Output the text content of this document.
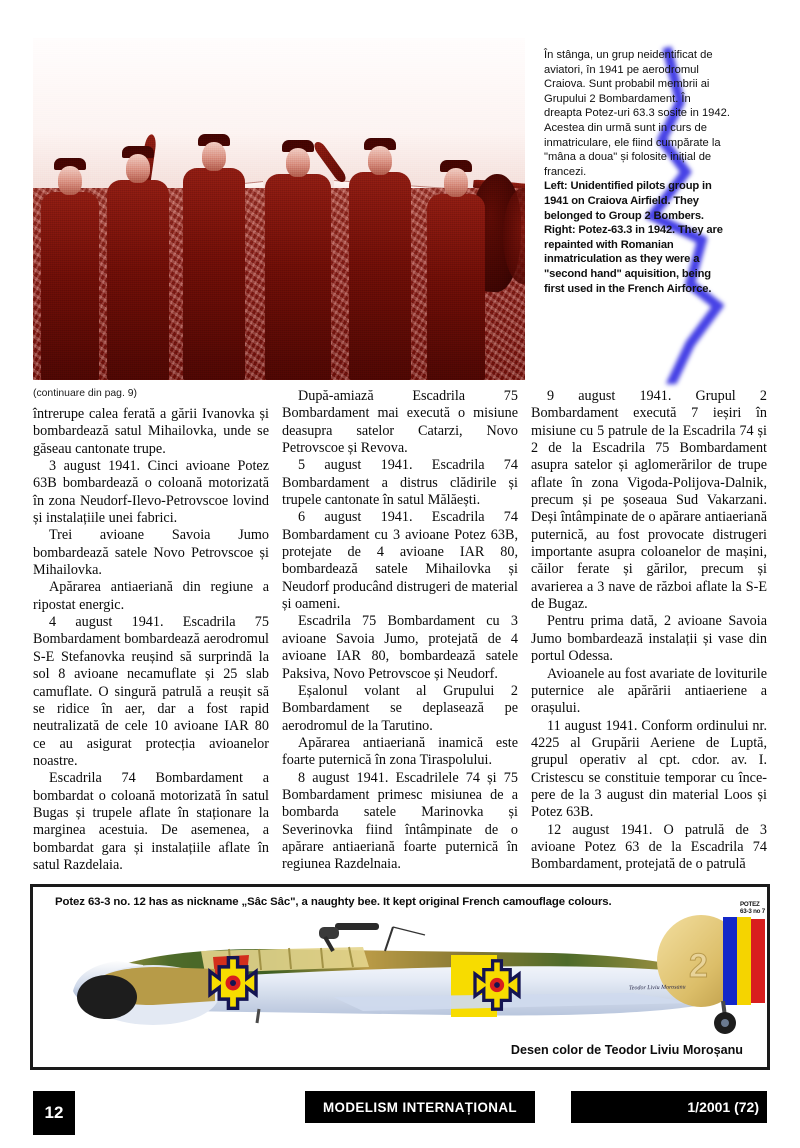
În stânga, un grup neidentificat de aviatori, în 1941 pe aerodromul Craiova. Sunt probabil membrii ai Grupului 2 Bombardament. În dreapta Potez-uri 63.3 sosite in 1942. Acestea din urmă sunt in curs de inmatriculare, ele fiind cumpărate la "mâna a doua" și folosite inițial de francezi.
Left: Unidentified pilots group in 1941 on Craiova Airfield. They belonged to Group 2 Bombers. Right: Potez-63.3 in 1942. They are repainted with Romanian inmatriculation as they were a "second hand" aquisition, being first used in the French Airforce.
(continuare din pag. 9)

întrerupe calea ferată a gării Ivanovka și bombardează satul Mihailovka, unde se găseau cantonate trupe.

3 august 1941. Cinci avioane Potez 63B bombardează o coloană motorizată în zona Neudorf-Ilevo-Petrovscoe lovind și instalațiile unei fabrici.

Trei avioane Savoia Jumo bombardează satele Novo Petrovscoe și Mihailovka.

Apărarea antiaeriană din regiune a ripostat energic.

4 august 1941. Escadrila 75 Bombardament bombardează aerodromul S-E Stefanovka reușind să surprindă la sol 8 avioane necamuflate și 25 slab camuflate. O singură patrulă a reușit să se ridice în aer, dar a fost rapid neutralizată de cele 10 avioane IAR 80 ce au asigurat protecția avioanelor noastre.

Escadrila 74 Bombardament a bombardat o coloană motorizată în satul Bugas și trupele aflate în staționare la marginea acestuia. De asemenea, a bombardat gara și instalațiile aflate în satul Razdelaia.

După-amiază Escadrila 75 Bombardament mai execută o misiune deasupra satelor Catarzi, Novo Petrovscoe și Revova.

5 august 1941. Escadrila 74 Bombardament a distrus clădirile și trupele cantonate în satul Mălăești.

6 august 1941. Escadrila 74 Bombardament cu 3 avioane Potez 63B, protejate de 4 avioane IAR 80, bombardează satele Mihailovka și Neudorf producând distrugeri de material și oameni.

Escadrila 75 Bombardament cu 3 avioane Savoia Jumo, protejată de 4 avioane IAR 80, bombardează satele Paksiva, Novo Petrovscoe și Neudorf.

Eșalonul volant al Grupului 2 Bombardament se deplasează pe aerodromul de la Tarutino.

Apărarea antiaeriană inamică este foarte puternică în zona Tiraspolului.

8 august 1941. Escadrilele 74 și 75 Bombardament primesc misiunea de a bombarda satele Marinovka și Severinovka fiind întâmpinate de o apărare antiaeriană foarte puternică în regiunea Razdelnaia.

9 august 1941. Grupul 2 Bombardament execută 7 ieșiri în misiune cu 5 patrule de la Escadrila 74 și 2 de la Escadrila 75 Bombardament asupra satelor și aglomerărilor de trupe aflate în zona Vigoda-Polijova-Dalnik, precum și pe șoseaua Sud Vakarzani. Deși întâmpinate de o apărare antiaeriană puternică, au fost provocate distrugeri importante asupra coloanelor de mașini, căilor ferate și gărilor, precum și avarierea a 3 nave de război aflate la S-E de Bugaz.

Pentru prima dată, 2 avioane Savoia Jumo bombardează instalații și vase din portul Odessa.

Avioanele au fost avariate de loviturile puternice ale apărării antiaeriene a orașului.

11 august 1941. Conform ordinului nr. 4225 al Grupării Aeriene de Luptă, grupul operativ al cpt. cdor. av. I. Cristescu se constituie temporar cu înce-pere de la 3 august din material Loos și Potez 63B.

12 august 1941. O patrulă de 3 avioane Potez 63 de la Escadrila 74 Bombardament, protejată de o patrulă

2
POTEZ 63-3 no 7
Teodor Liviu Morosanu
Potez 63-3 no. 12 has as nickname „Sâc Sâc", a naughty bee. It kept original French camouflage colours.
Desen color de Teodor Liviu Moroșanu
MODELISM INTERNAȚIONAL	1/2001 (72)
12
